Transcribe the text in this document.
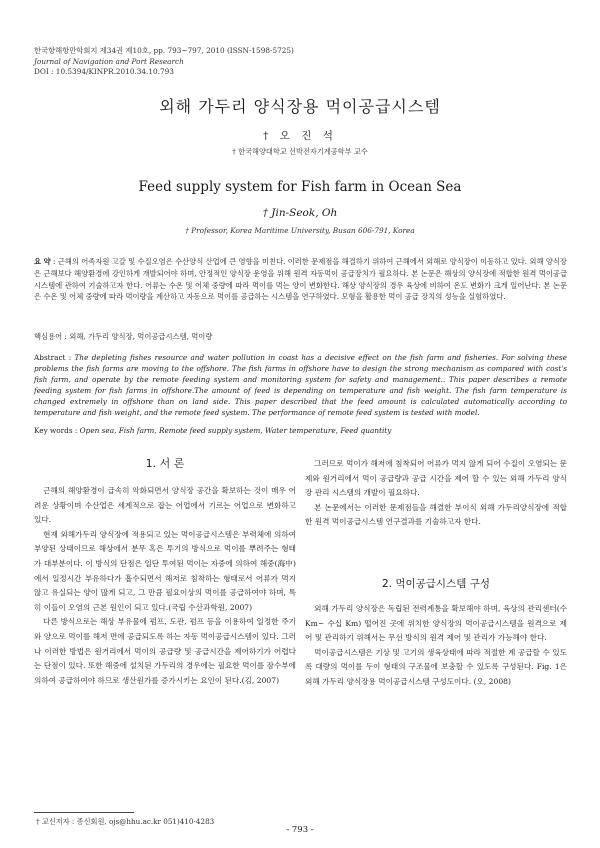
한국항해항만학회지 제34권 제10호, pp. 793~797, 2010 (ISSN-1598-5725)
Journal of Navigation and Port Research
DOI : 10.5394/KINPR.2010.34.10.793
외해 가두리 양식장용 먹이공급시스템
† 오 진 석
† 한국해양대학교 선박전자기계공학부 교수
Feed supply system for Fish farm in Ocean Sea
† Jin-Seok, Oh
† Professor, Korea Maritime University, Busan 606-791, Korea
요 약 : 근해의 어족자원 고갈 및 수질오염은 수산양식 산업에 큰 영향을 미친다. 이러한 문제점을 해결하기 위하여 근해에서 외해로 양식장이 이동하고 있다. 외해 양식장은 근해보다 해양환경에 강인하게 개발되어야 하며, 안정적인 양식장 운영을 위해 원격 자동먹이 공급장치가 필요하다. 본 논문은 해상의 양식장에 적합한 원격 먹이공급시스템에 관하여 기술하고자 한다. 어류는 수온 및 어체 중량에 따라 먹이를 먹는 양이 변화한다. 해상 양식장의 경우 육상에 비하여 온도 변화가 크게 일어난다. 본 논문은 수온 및 어체 중량에 따라 먹이량을 계산하고 자동으로 먹이를 공급하는 시스템을 연구하였다. 모형을 활용한 먹이 공급 장치의 성능을 실험하였다.
핵심용어 : 외해, 가두리 양식장, 먹이공급시스템, 먹이량
Abstract : The depleting fishes resource and water pollution in coast has a decisive effect on the fish farm and fisheries. For solving these problems the fish farms are moving to the offshore. The fish farms in offshore have to design the strong mechanism as compared with cost's fish farm, and operate by the remote feeding system and monitoring system for safety and management.. This paper describes a remote feeding system for fish farms in offshore.The amount of feed is depending on temperature and fish weight. The fish farm temperature is changed extremely in offshore than on land side. This paper described that the feed amount is calculated automatically according to temperature and fish weight, and the remote feed system. The performance of remote feed system is tested with model.
Key words : Open sea, Fish farm, Remote feed supply system, Water temperature, Feed quantity
1. 서 론

근해의 해양환경이 급속히 악화되면서 양식장 공간을 확보하는 것이 매우 어려운 상황이며 수산업은 세계적으로 잡는 어업에서 기르는 어업으로 변화하고 있다.

현재 외해가두리 양식장에 적용되고 있는 먹이공급시스템은 부력체에 의하여 부양된 상태이므로 해상에서 분무 혹은 투기의 방식으로 먹이를 뿌려주는 형태가 대부분이다. 이 방식의 단점은 일단 투여된 먹이는 자중에 의하여 해중(海中)에서 일정시간 부유하다가 흡수되면서 해저로 침착하는 형태로서 어류가 먹지 않고 유실되는 양이 많게 되고, 그 만큼 필요이상의 먹이를 공급하여야 하며, 특히 이들이 오염의 근본 원인이 되고 있다.(국립 수산과학원, 2007)

다른 방식으로는 해상 부유물에 펌프, 도관, 펌프 등을 이용하여 일정한 주기와 양으로 먹이를 해저 면에 공급되도록 하는 자동 먹이공급시스템이 있다. 그러나 이러한 방법은 원거리에서 먹이의 공급량 및 공급시간을 제어하기가 어렵다는 단점이 있다. 또한 해중에 설치된 가두리의 경우에는 필요한 먹이를 잠수부에 의하여 공급하여야 하므로 생산원가를 증가시키는 요인이 된다.(김, 2007)

그러므로 먹이가 해저에 침착되어 어류가 먹지 않게 되어 수질이 오염되는 문제와 원거리에서 먹이 공급량과 공급 시간을 제어 할 수 있는 외해 가두리 양식장 관리 시스템의 개발이 필요하다.

본 논문에서는 이러한 문제점들을 해결한 부이식 외해 가두리양식장에 적합한 원격 먹이공급시스템 연구결과를 기술하고자 한다.

2. 먹이공급시스템 구성

외해 가두리 양식장은 독립된 전력계통을 확보해야 하며, 육상의 관리센터(수 Km~ 수십 Km) 떨어진 곳에 위치한 양식장의 먹이공급시스템을 원격으로 제어 및 관리하기 위해서는 무선 방식의 원격 제어 및 관리가 가능해야 한다.

먹이공급시스템은 기상 및 고기의 생육상태에 따라 적절한 계 공급할 수 있도록 대량의 먹이를 두이 형태의 구조물에 보충할 수 있도록 구성된다. Fig. 1은 외해 가두리 양식장용 먹이공급시스템 구성도이다. (오, 2008)

† 교신저자 : 종신회원, ojs@hhu.ac.kr 051)410-4283
- 793 -
